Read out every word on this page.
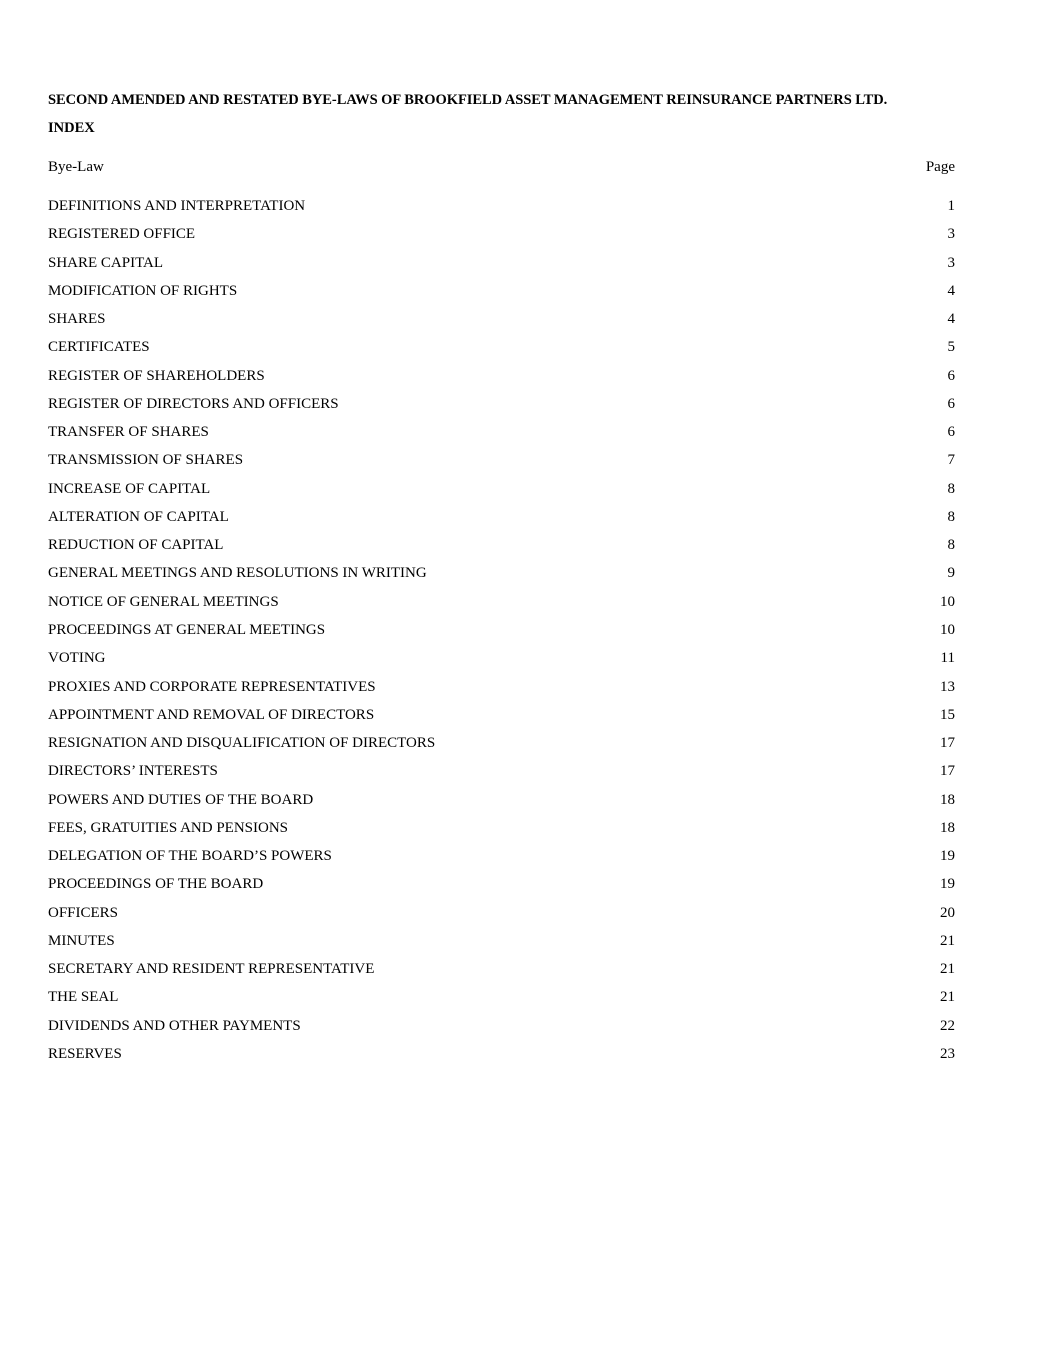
SECOND AMENDED AND RESTATED BYE-LAWS OF BROOKFIELD ASSET MANAGEMENT REINSURANCE PARTNERS LTD.
INDEX
Bye-Law	Page
DEFINITIONS AND INTERPRETATION	1
REGISTERED OFFICE	3
SHARE CAPITAL	3
MODIFICATION OF RIGHTS	4
SHARES	4
CERTIFICATES	5
REGISTER OF SHAREHOLDERS	6
REGISTER OF DIRECTORS AND OFFICERS	6
TRANSFER OF SHARES	6
TRANSMISSION OF SHARES	7
INCREASE OF CAPITAL	8
ALTERATION OF CAPITAL	8
REDUCTION OF CAPITAL	8
GENERAL MEETINGS AND RESOLUTIONS IN WRITING	9
NOTICE OF GENERAL MEETINGS	10
PROCEEDINGS AT GENERAL MEETINGS	10
VOTING	11
PROXIES AND CORPORATE REPRESENTATIVES	13
APPOINTMENT AND REMOVAL OF DIRECTORS	15
RESIGNATION AND DISQUALIFICATION OF DIRECTORS	17
DIRECTORS’ INTERESTS	17
POWERS AND DUTIES OF THE BOARD	18
FEES, GRATUITIES AND PENSIONS	18
DELEGATION OF THE BOARD’S POWERS	19
PROCEEDINGS OF THE BOARD	19
OFFICERS	20
MINUTES	21
SECRETARY AND RESIDENT REPRESENTATIVE	21
THE SEAL	21
DIVIDENDS AND OTHER PAYMENTS	22
RESERVES	23
